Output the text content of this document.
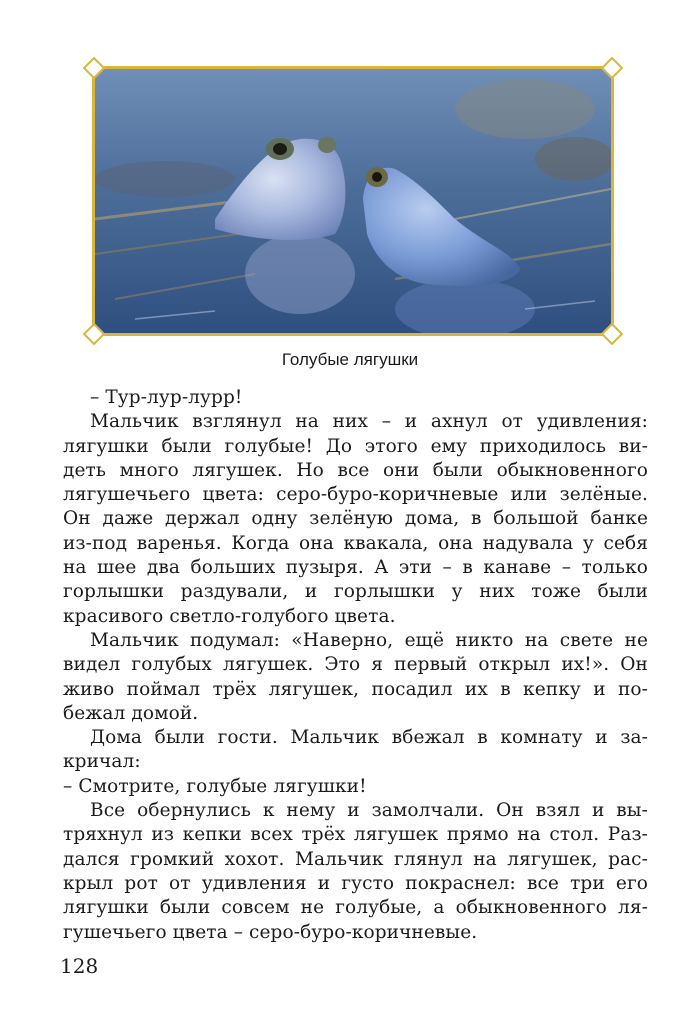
Голубые лягушки
– Тур-лур-лурр!
Мальчик взглянул на них – и ахнул от удивления:
лягушки были голубые! До этого ему приходилось ви-
деть много лягушек. Но все они были обыкновенного
лягушечьего цвета: серо-буро-коричневые или зелёные.
Он даже держал одну зелёную дома, в большой банке
из-под варенья. Когда она квакала, она надувала у себя
на шее два больших пузыря. А эти – в канаве – только
горлышки раздували, и горлышки у них тоже были
красивого светло-голубого цвета.
Мальчик подумал: «Наверно, ещё никто на свете не
видел голубых лягушек. Это я первый открыл их!». Он
живо поймал трёх лягушек, посадил их в кепку и по-
бежал домой.
Дома были гости. Мальчик вбежал в комнату и за-
кричал:
– Смотрите, голубые лягушки!
Все обернулись к нему и замолчали. Он взял и вы-
тряхнул из кепки всех трёх лягушек прямо на стол. Раз-
дался громкий хохот. Мальчик глянул на лягушек, рас-
крыл рот от удивления и густо покраснел: все три его
лягушки были совсем не голубые, а обыкновенного ля-
гушечьего цвета – серо-буро-коричневые.
128
